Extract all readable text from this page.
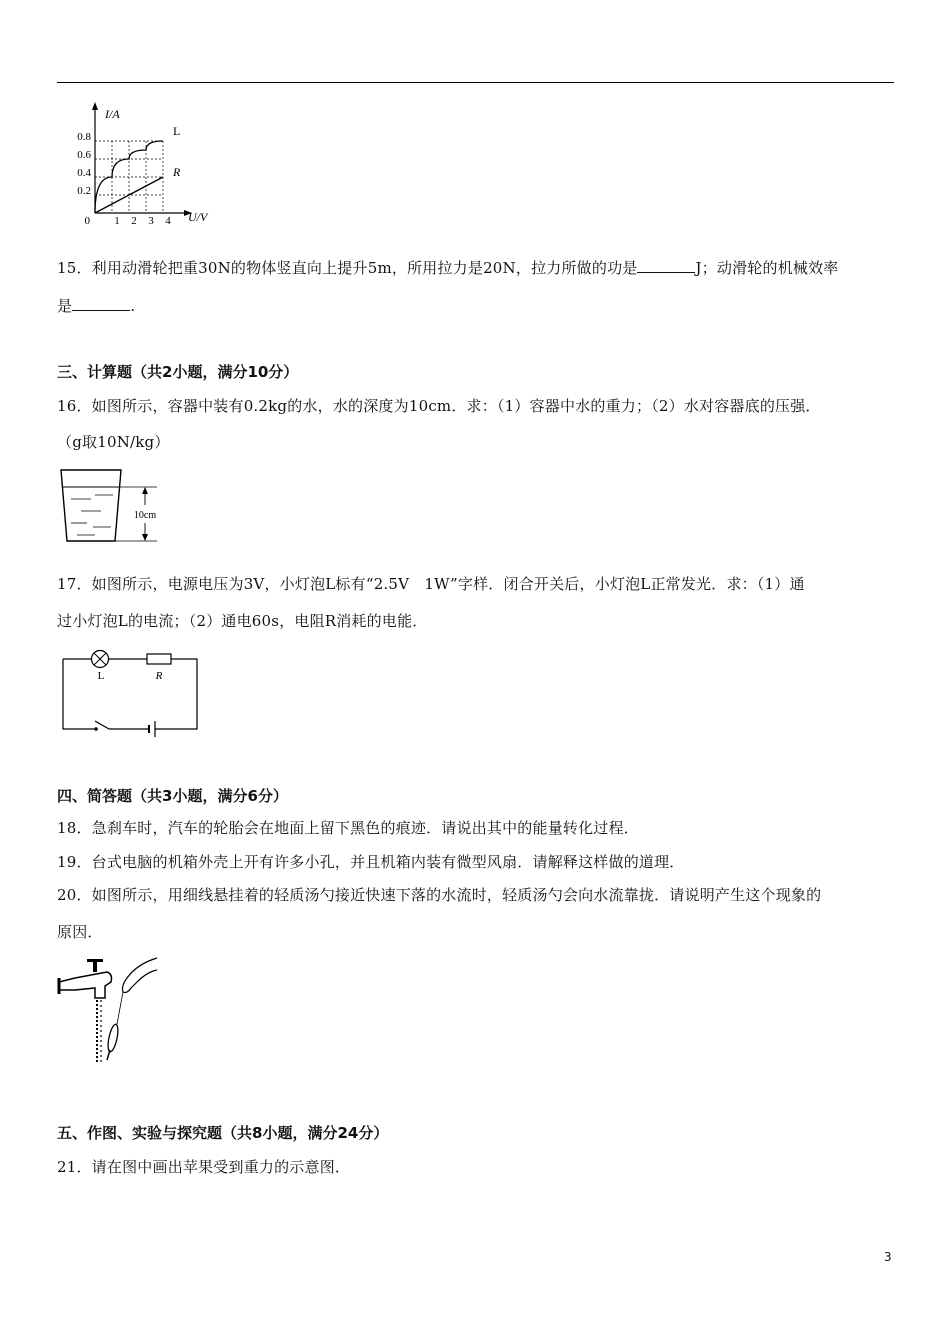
I/A
U/V
0
0.8
0.6
0.4
0.2
1 2 3 4
L
R
15．利用动滑轮把重30N的物体竖直向上提升5m，所用拉力是20N，拉力所做的功是	J；动滑轮的机械效率
是	.
三、计算题（共2小题，满分10分）
16．如图所示，容器中装有0.2kg的水，水的深度为10cm．求：（1）容器中水的重力；（2）水对容器底的压强．
（g取10N/kg）
10cm
17．如图所示，电源电压为3V，小灯泡L标有“2.5V　1W”字样．闭合开关后，小灯泡L正常发光．求：（1）通
过小灯泡L的电流；（2）通电60s，电阻R消耗的电能．
L	R
四、简答题（共3小题，满分6分）
18．急刹车时，汽车的轮胎会在地面上留下黑色的痕迹．请说出其中的能量转化过程．
19．台式电脑的机箱外壳上开有许多小孔，并且机箱内装有微型风扇．请解释这样做的道理．
20．如图所示，用细线悬挂着的轻质汤勺接近快速下落的水流时，轻质汤勺会向水流靠拢．请说明产生这个现象的
原因．
五、作图、实验与探究题（共8小题，满分24分）
21．请在图中画出苹果受到重力的示意图．
3
